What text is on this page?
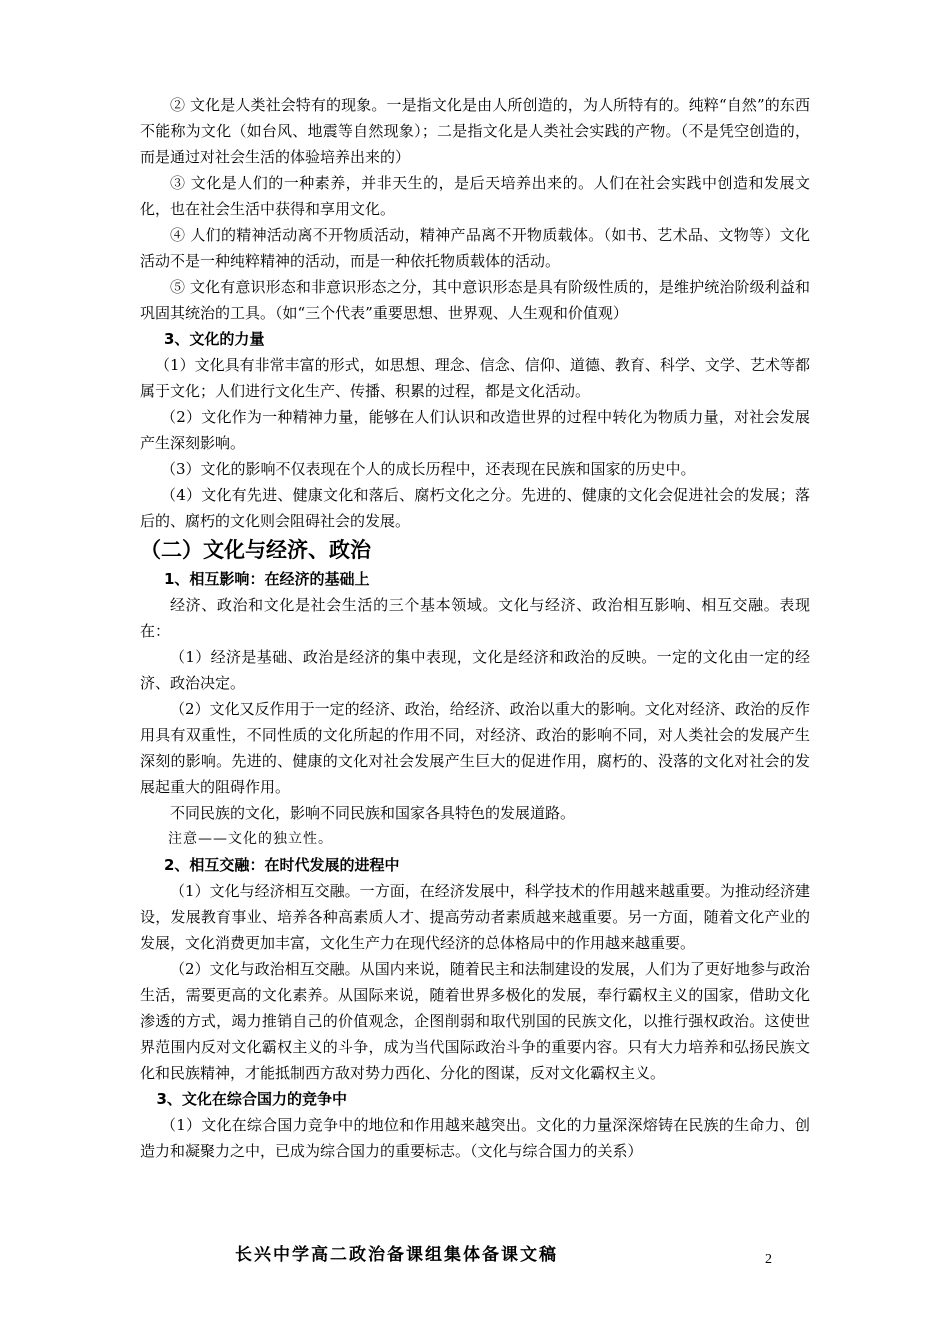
② 文化是人类社会特有的现象。一是指文化是由人所创造的，为人所特有的。纯粹“自然”的东西不能称为文化（如台风、地震等自然现象）；二是指文化是人类社会实践的产物。（不是凭空创造的，而是通过对社会生活的体验培养出来的）

③ 文化是人们的一种素养，并非天生的，是后天培养出来的。人们在社会实践中创造和发展文化，也在社会生活中获得和享用文化。

④ 人们的精神活动离不开物质活动，精神产品离不开物质载体。（如书、艺术品、文物等）文化活动不是一种纯粹精神的活动，而是一种依托物质载体的活动。

⑤ 文化有意识形态和非意识形态之分，其中意识形态是具有阶级性质的，是维护统治阶级利益和巩固其统治的工具。（如“三个代表”重要思想、世界观、人生观和价值观）

3、文化的力量

（1）文化具有非常丰富的形式，如思想、理念、信念、信仰、道德、教育、科学、文学、艺术等都属于文化；人们进行文化生产、传播、积累的过程，都是文化活动。

（2）文化作为一种精神力量，能够在人们认识和改造世界的过程中转化为物质力量，对社会发展产生深刻影响。

（3）文化的影响不仅表现在个人的成长历程中，还表现在民族和国家的历史中。

（4）文化有先进、健康文化和落后、腐朽文化之分。先进的、健康的文化会促进社会的发展；落后的、腐朽的文化则会阻碍社会的发展。

（二）文化与经济、政治

1、相互影响：在经济的基础上

经济、政治和文化是社会生活的三个基本领域。文化与经济、政治相互影响、相互交融。表现在：

（1）经济是基础、政治是经济的集中表现，文化是经济和政治的反映。一定的文化由一定的经济、政治决定。

（2）文化又反作用于一定的经济、政治，给经济、政治以重大的影响。文化对经济、政治的反作用具有双重性，不同性质的文化所起的作用不同，对经济、政治的影响不同，对人类社会的发展产生深刻的影响。先进的、健康的文化对社会发展产生巨大的促进作用，腐朽的、没落的文化对社会的发展起重大的阻碍作用。

不同民族的文化，影响不同民族和国家各具特色的发展道路。

注意——文化的独立性。

2、相互交融：在时代发展的进程中

（1）文化与经济相互交融。一方面，在经济发展中，科学技术的作用越来越重要。为推动经济建设，发展教育事业、培养各种高素质人才、提高劳动者素质越来越重要。另一方面，随着文化产业的发展，文化消费更加丰富，文化生产力在现代经济的总体格局中的作用越来越重要。

（2）文化与政治相互交融。从国内来说，随着民主和法制建设的发展，人们为了更好地参与政治生活，需要更高的文化素养。从国际来说，随着世界多极化的发展，奉行霸权主义的国家，借助文化渗透的方式，竭力推销自己的价值观念，企图削弱和取代别国的民族文化，以推行强权政治。这使世界范围内反对文化霸权主义的斗争，成为当代国际政治斗争的重要内容。只有大力培养和弘扬民族文化和民族精神，才能抵制西方敌对势力西化、分化的图谋，反对文化霸权主义。

3、文化在综合国力的竞争中

（1）文化在综合国力竞争中的地位和作用越来越突出。文化的力量深深熔铸在民族的生命力、创造力和凝聚力之中，已成为综合国力的重要标志。（文化与综合国力的关系）

长兴中学高二政治备课组集体备课文稿	2
